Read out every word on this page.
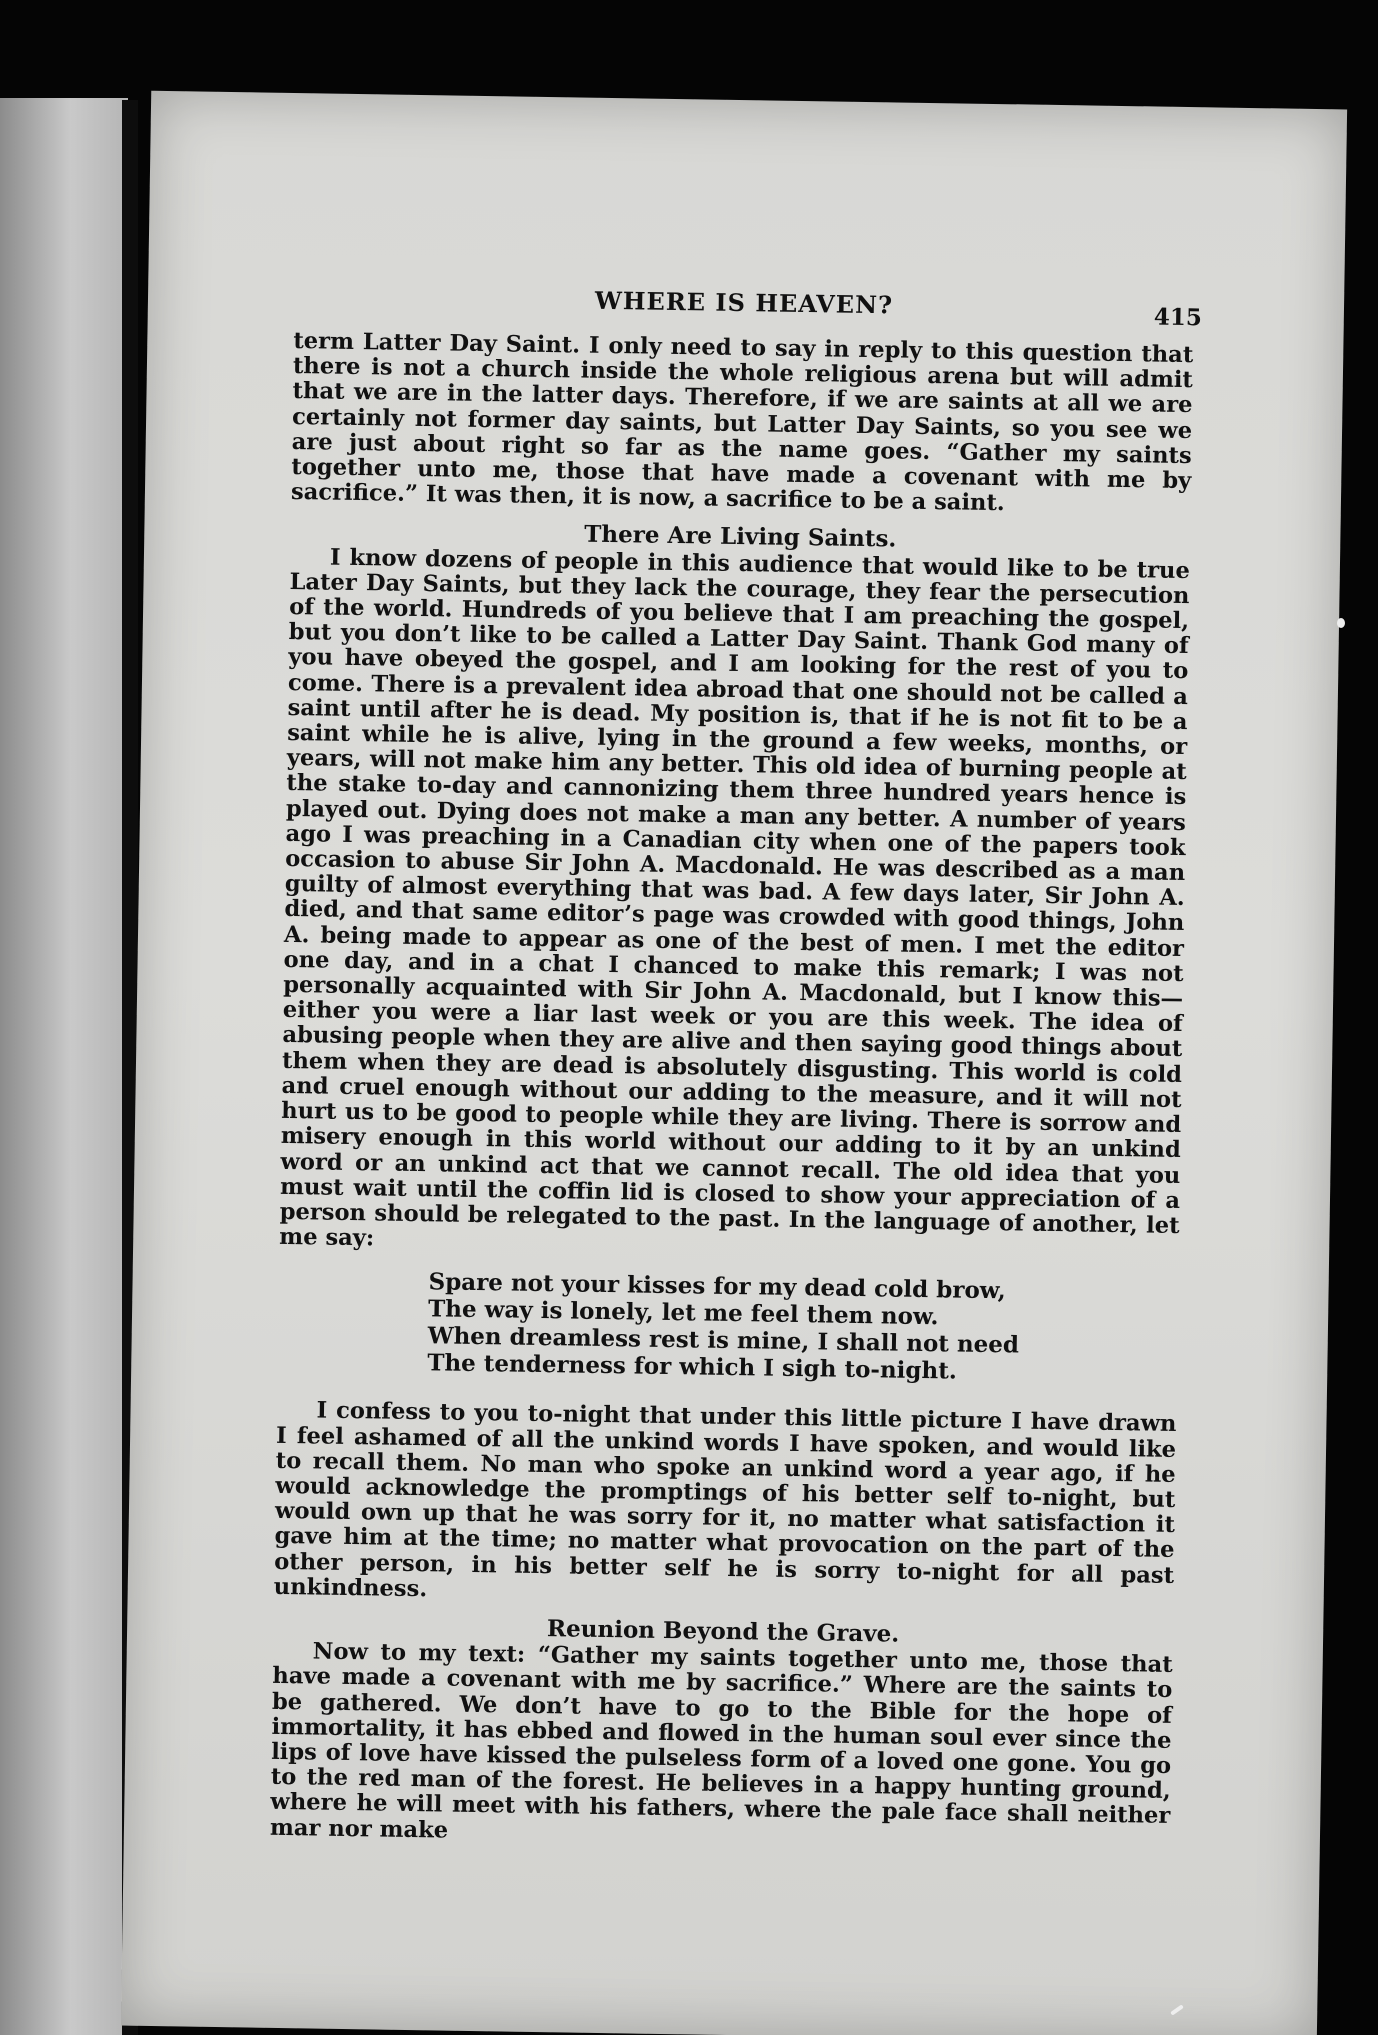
WHERE IS HEAVEN?	415

term Latter Day Saint. I only need to say in reply to this question that there is not a church inside the whole religious arena but will admit that we are in the latter days. Therefore, if we are saints at all we are certainly not former day saints, but Latter Day Saints, so you see we are just about right so far as the name goes. “Gather my saints together unto me, those that have made a covenant with me by sacrifice.” It was then, it is now, a sacrifice to be a saint.

There Are Living Saints.

I know dozens of people in this audience that would like to be true Later Day Saints, but they lack the courage, they fear the persecution of the world. Hundreds of you believe that I am preaching the gospel, but you don’t like to be called a Latter Day Saint. Thank God many of you have obeyed the gospel, and I am looking for the rest of you to come. There is a prevalent idea abroad that one should not be called a saint until after he is dead. My position is, that if he is not fit to be a saint while he is alive, lying in the ground a few weeks, months, or years, will not make him any better. This old idea of burning people at the stake to-day and cannonizing them three hundred years hence is played out. Dying does not make a man any better. A number of years ago I was preaching in a Canadian city when one of the papers took occasion to abuse Sir John A. Macdonald. He was described as a man guilty of almost everything that was bad. A few days later, Sir John A. died, and that same editor’s page was crowded with good things, John A. being made to appear as one of the best of men. I met the editor one day, and in a chat I chanced to make this remark; I was not personally acquainted with Sir John A. Macdonald, but I know this—either you were a liar last week or you are this week. The idea of abusing people when they are alive and then saying good things about them when they are dead is absolutely disgusting. This world is cold and cruel enough without our adding to the measure, and it will not hurt us to be good to people while they are living. There is sorrow and misery enough in this world without our adding to it by an unkind word or an unkind act that we cannot recall. The old idea that you must wait until the coffin lid is closed to show your appreciation of a person should be relegated to the past. In the language of another, let me say:

Spare not your kisses for my dead cold brow,
The way is lonely, let me feel them now.
When dreamless rest is mine, I shall not need
The tenderness for which I sigh to-night.

I confess to you to-night that under this little picture I have drawn I feel ashamed of all the unkind words I have spoken, and would like to recall them. No man who spoke an unkind word a year ago, if he would acknowledge the promptings of his better self to-night, but would own up that he was sorry for it, no matter what satisfaction it gave him at the time; no matter what provocation on the part of the other person, in his better self he is sorry to-night for all past unkindness.

Reunion Beyond the Grave.

Now to my text: “Gather my saints together unto me, those that have made a covenant with me by sacrifice.” Where are the saints to be gathered. We don’t have to go to the Bible for the hope of immortality, it has ebbed and flowed in the human soul ever since the lips of love have kissed the pulseless form of a loved one gone. You go to the red man of the forest. He believes in a happy hunting ground, where he will meet with his fathers, where the pale face shall neither mar nor make
